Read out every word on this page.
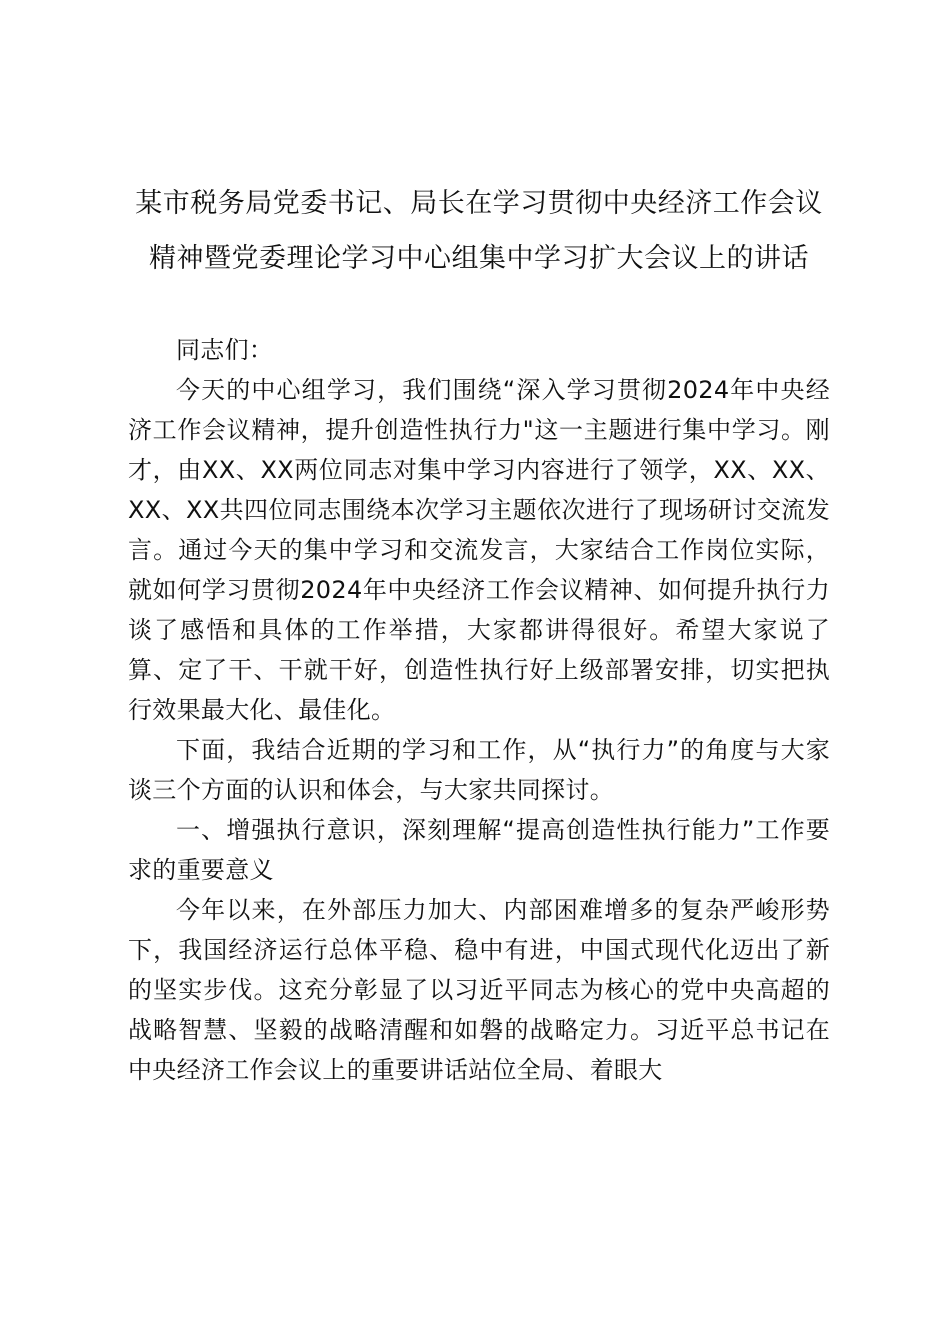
某市税务局党委书记、局长在学习贯彻中央经济工作会议精神暨党委理论学习中心组集中学习扩大会议上的讲话

同志们：

今天的中心组学习，我们围绕“深入学习贯彻2024年中央经济工作会议精神，提升创造性执行力"这一主题进行集中学习。刚才，由XX、XX两位同志对集中学习内容进行了领学，XX、XX、XX、XX共四位同志围绕本次学习主题依次进行了现场研讨交流发言。通过今天的集中学习和交流发言，大家结合工作岗位实际，就如何学习贯彻2024年中央经济工作会议精神、如何提升执行力谈了感悟和具体的工作举措，大家都讲得很好。希望大家说了算、定了干、干就干好，创造性执行好上级部署安排，切实把执行效果最大化、最佳化。

下面，我结合近期的学习和工作，从“执行力”的角度与大家谈三个方面的认识和体会，与大家共同探讨。

一、增强执行意识，深刻理解“提高创造性执行能力”工作要求的重要意义

今年以来，在外部压力加大、内部困难增多的复杂严峻形势下，我国经济运行总体平稳、稳中有进，中国式现代化迈出了新的坚实步伐。这充分彰显了以习近平同志为核心的党中央高超的战略智慧、坚毅的战略清醒和如磐的战略定力。习近平总书记在中央经济工作会议上的重要讲话站位全局、着眼大
